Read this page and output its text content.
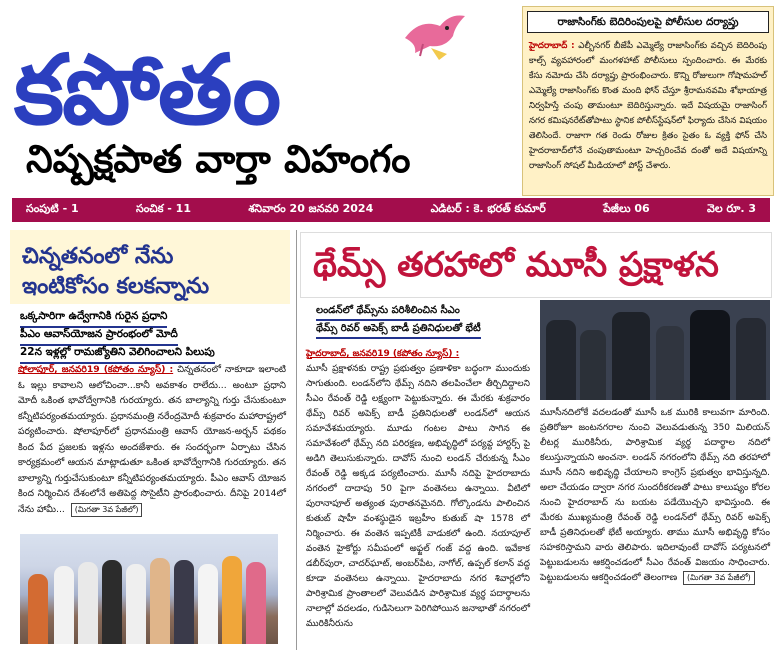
కపోతం
నిష్పక్షపాత వార్తా విహంగం
రాజాసింగ్‌కు బెదిరింపులపై పోలీసుల దర్యాప్తు
హైదరాబాద్ : ఎల్బీనగర్‌ బీజేపీ ఎమ్మెల్యే రాజాసింగ్‌కు వచ్చిన బెదిరింపు కాల్స్‌ వ్యవహారంలో మంగళహాట్‌ పోలీసులు స్పందించారు. ఈ మేరకు కేసు నమోదు చేసి దర్యాప్తు ప్రారంభించారు. కొన్ని రోజులుగా గోషామహల్‌ ఎమ్మెల్యే రాజాసింగ్‌కు కొంత మంది ఫోన్‌ చేస్తూ శ్రీరామనవమి శోభాయాత్ర నిర్వహిస్తే చంపు తామంటూ బెదిరిస్తున్నారు. ఇదే విషయమై రాజాసింగ్‌ నగర కమిషనరేట్‌తోపాటు స్థానిక పోలీస్‌స్టేషన్‌లో ఫిర్యాదు చేసిన విషయం తెలిసిందే. రాజాగా గత రెండు రోజుల క్రితం సైతం ఓ వ్యక్తి ఫోన్‌ చేసి హైదరాబాద్‌లోనే చంపుతామంటూ హెచ్చరించేవ దంతో అదే విషయాన్ని రాజాసింగ్‌ సోషల్‌ మీడియాలో పోస్ట్‌ చేశారు.
సంపుటి - 1	సంచిక - 11	శనివారం 20 జనవరి 2024	ఎడిటర్ : కె. భరత్ కుమార్	పేజీలు 06	వెల రూ. 3
చిన్నతనంలో నేను
ఇంటికోసం కలకన్నాను
ఒక్కసారిగా ఉద్వేగానికి గురైన ప్రధాని
పీఎం ఆవాస్‌యోజన ప్రారంభంలో మోదీ
22న ఇళ్లల్లో రామజ్యోతిని వెలిగించాలని పిలుపు
షోలాపూర్‌, జనవరి19 (కపోతం న్యూస్‌) : చిన్నతనంలో నాకూడా ఇలాంటి ఓ ఇల్లు కావాలని ఆలోచించా...కానీ అవకాశం రాలేదు... అంటూ ప్రధాని మోదీ ఒకింత భావోద్వేగానికి గురయ్యారు. తన బాల్యాన్ని గుర్తు చేసుకుంటూ కన్నీటిపర్యంతమయ్యారు. ప్రధానమంత్రి నరేంద్రమోదీ శుక్రవారం మహారాష్ట్రలో పర్యటించారు. షోలాపూర్‌లో ప్రధానమంత్రి ఆవాస్‌ యోజన-అర్బన్‌ పథకం కింద పేద ప్రజలకు ఇళ్లను అందజేశారు. ఈ సందర్భంగా ఏర్పాటు చేసిన కార్యక్రమంలో ఆయన మాట్లాడుతూ ఒకింత భావోద్వేగానికి గురయ్యారు. తన బాల్యాన్ని గుర్తుచేసుకుంటూ కన్నీటిపర్యంతమయ్యారు. పీఎం ఆవాస్‌ యోజన కింద నిర్మించిన దేశంలోనే అతిపెద్ద సొసైటీని ప్రారంభించారు. దీనిపై 2014లో నేను హామీ... (మిగతా 3వ పేజీలో)
థేమ్స్‌ తరహాలో మూసీ ప్రక్షాళన
లండన్‌లో థేమ్స్‌ను పరిశీలించిన సీఎం
థేమ్స్‌ రివర్‌ అపెక్స్‌ బాడీ ప్రతినిధులతో భేటీ
హైదరాబాద్‌, జనవరి19 (కపోతం న్యూస్‌) :
మూసీ ప్రక్షాళనకు రాష్ట్ర ప్రభుత్వం ప్రణాళికా బద్ధంగా ముందుకు సాగుతుంది. లండన్‌లోని థేమ్స్‌ నదిని తలపించేలా తీర్చిదిద్దాలని సీఎం రేవంత్‌ రెడ్డి లక్ష్యంగా పెట్టుకున్నారు. ఈ మేరకు శుక్రవారం థేమ్స్‌ రివర్‌ అపెక్స్‌ బాడీ ప్రతినిధులతో లండన్‌లో ఆయన సమావేశమయ్యారు. మూడు గంటల పాటు సాగిన ఈ సమావేశంలో థేమ్స్‌ నది పరిరక్షణ, అభివృద్ధిలో పర్యవ్ద హార్టర్స్‌ పై అడిగి తెలుసుకున్నారు. దావోస్‌ నుంచి లండన్‌ చేరుకున్న సీఎం రేవంత్‌ రెడ్డి అక్కడ పర్యటించారు. మూసీ నదిపై హైదరాబాదు నగరంలో దాదాపు 50 పైగా వంతెనలు ఉన్నాయి. వీటిలో పురానాపూల్‌ అత్యంత పురాతనమైనది. గోల్కొండను పాలించిన కుతుబ్‌ షాహీ వంశస్థుడైన ఇబ్రహీం కుతుబ్‌ షా 1578 లో నిర్మించారు. ఈ వంతెన ఇప్పటికీ వాడుకలో ఉంది. నయాపూల్‌ వంతెన హైకోర్టు సమీపంలో అఫ్జల్‌ గంజ్‌ వద్ద ఉంది. ఇవేకాక డబీర్‌పురా, చాదర్‌ఘాట్‌, అంబర్‌పేట, నాగోల్‌, ఉప్పల్‌ కలాన్‌ వద్ద కూడా వంతెనలు ఉన్నాయి. హైదరాబాదు నగర శివార్లలోని పారిశ్రామిక ప్రాంతాలలో వెలువడిన పారిశ్రామిక వ్యర్థ పదార్థాలను నాలాల్లో వదలడం, గుడిసెలుగా పెరిగిపోయిన జనాభాతో నగరంలో మురికినీరును
మూసీనదిలోకే వదలడంతో మూసీ ఒక మురికి కాలువగా మారింది. ప్రతిరోజూ జంటనగరాల నుంచి వెలువడుతున్న 350 మిలియన్‌ లీటర్ల మురికినీరు, పారిశ్రామిక వ్యర్థ పదార్థాల నదిలో కలుస్తున్నాయని అంచనా. లండన్‌ నగరంలోని థేమ్స్‌ నది తరహాలో మూసీ నదిని అభివృద్ధి చేయాలని కాంగ్రెస్‌ ప్రభుత్వం భావిస్తున్నది. అలా చేయడం ద్వారా నగర సుందరీకరణతో పాటు కాలుష్యం కోరల నుంచి హైదరాబాద్‌ ను బయట పడేయొచ్చని భావిస్తుంది. ఈ మేరకు ముఖ్యమంత్రి రేవంత్‌ రెడ్డి లండన్‌లో థేమ్స్‌ రివర్‌ అపెక్స్‌ బాడీ ప్రతినిధులతో భేటీ అయ్యారు. తాము మూసీ అభివృద్ధి కోసం సహకరిస్తామని వారు తెలిపారు. ఇదిలావుంటే దావోస్‌ పర్యటనలో పెట్టుబడులను ఆకర్షించడంలో సీఎం రేవంత్‌ విజయం సాధించారు. పెట్టుబడులను ఆకర్షించడంలో తెలంగాణ (మిగతా 3వ పేజీలో)
